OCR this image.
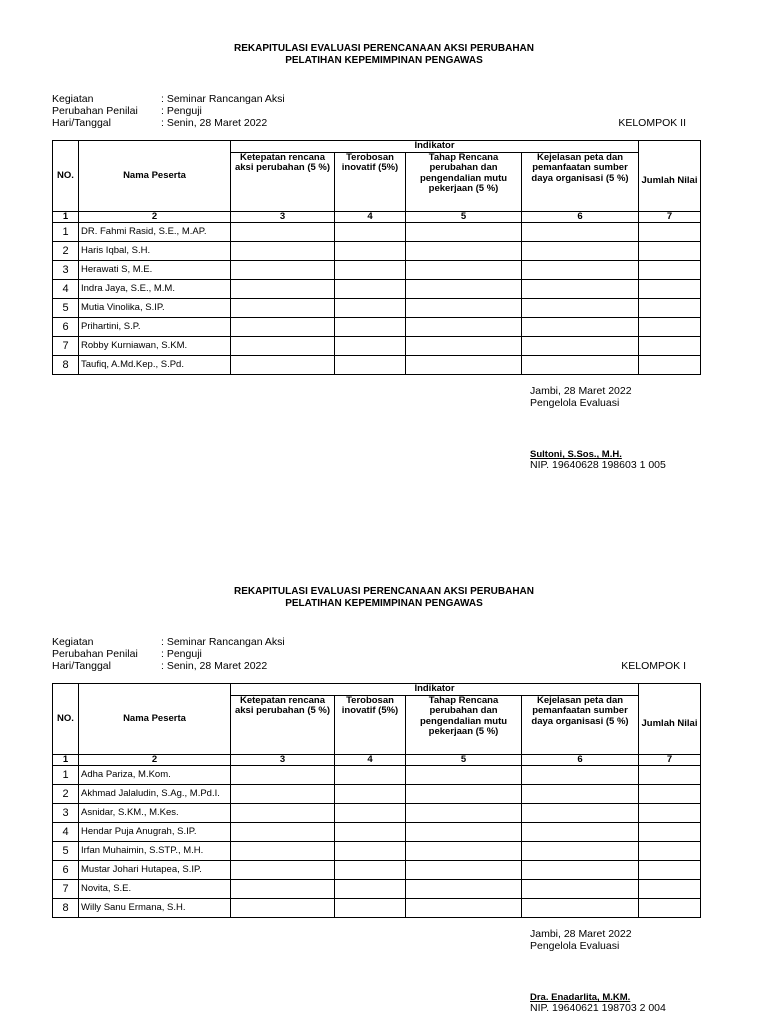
REKAPITULASI EVALUASI PERENCANAAN AKSI PERUBAHAN
PELATIHAN KEPEMIMPINAN PENGAWAS
Kegiatan	: Seminar Rancangan Aksi
Perubahan Penilai	: Penguji
Hari/Tanggal	: Senin, 28 Maret 2022	KELOMPOK II
NO.	Nama Peserta	Indikator				
		Ketepatan rencana aksi perubahan (5 %)	Terobosan inovatif (5%)	Tahap Rencana perubahan dan pengendalian mutu pekerjaan (5 %)	Kejelasan peta dan pemanfaatan sumber daya organisasi (5 %)	Jumlah Nilai
1	2	3	4	5	6	7
1	DR. Fahmi Rasid, S.E., M.AP.					
2	Haris Iqbal, S.H.					
3	Herawati S, M.E.					
4	Indra Jaya, S.E., M.M.					
5	Mutia Vinolika, S.IP.					
6	Prihartini, S.P.					
7	Robby Kurniawan, S.KM.					
8	Taufiq, A.Md.Kep., S.Pd.					
Jambi, 28 Maret 2022
Pengelola Evaluasi
Sultoni, S.Sos., M.H.
NIP. 19640628 198603 1 005
REKAPITULASI EVALUASI PERENCANAAN AKSI PERUBAHAN
PELATIHAN KEPEMIMPINAN PENGAWAS
Kegiatan	: Seminar Rancangan Aksi
Perubahan Penilai	: Penguji
Hari/Tanggal	: Senin, 28 Maret 2022	KELOMPOK I
NO.	Nama Peserta	Indikator				
		Ketepatan rencana aksi perubahan (5 %)	Terobosan inovatif (5%)	Tahap Rencana perubahan dan pengendalian mutu pekerjaan (5 %)	Kejelasan peta dan pemanfaatan sumber daya organisasi (5 %)	Jumlah Nilai
1	2	3	4	5	6	7
1	Adha Pariza, M.Kom.					
2	Akhmad Jalaludin, S.Ag., M.Pd.I.					
3	Asnidar, S.KM., M.Kes.					
4	Hendar Puja Anugrah, S.IP.					
5	Irfan Muhaimin, S.STP., M.H.					
6	Mustar Johari Hutapea, S.IP.					
7	Novita, S.E.					
8	Willy Sanu Ermana, S.H.					
Jambi, 28 Maret 2022
Pengelola Evaluasi
Dra. Enadarlita, M.KM.
NIP. 19640621 198703 2 004
